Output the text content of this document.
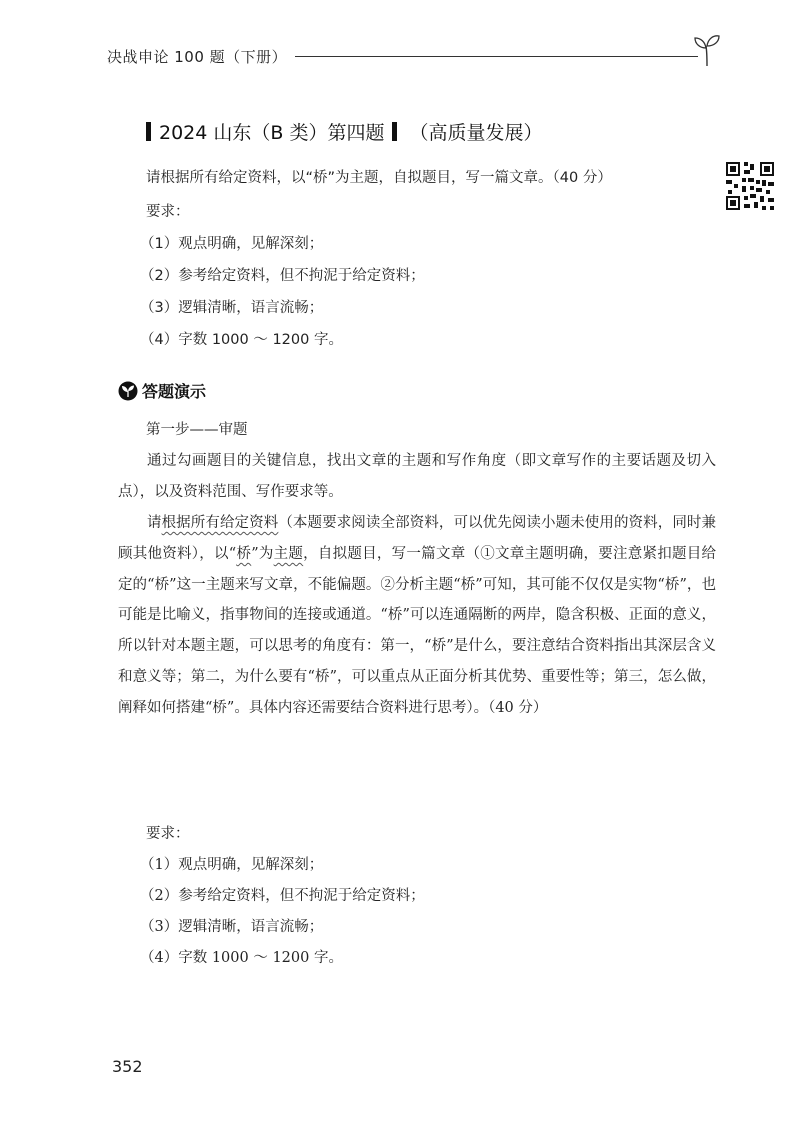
决战申论 100 题（下册）
2024 山东（B 类）第四题 （高质量发展）
请根据所有给定资料，以“桥”为主题，自拟题目，写一篇文章。（40 分）
要求：
（1）观点明确，见解深刻；
（2）参考给定资料，但不拘泥于给定资料；
（3）逻辑清晰，语言流畅；
（4）字数 1000 ～ 1200 字。
答题演示
第一步——审题
通过勾画题目的关键信息，找出文章的主题和写作角度（即文章写作的主要话题及切入点），以及资料范围、写作要求等。
请根据所有给定资料（本题要求阅读全部资料，可以优先阅读小题未使用的资料，同时兼顾其他资料），以“桥”为主题，自拟题目，写一篇文章（①文章主题明确，要注意紧扣题目给定的“桥”这一主题来写文章，不能偏题。②分析主题“桥”可知，其可能不仅仅是实物“桥”，也可能是比喻义，指事物间的连接或通道。“桥”可以连通隔断的两岸，隐含积极、正面的意义，所以针对本题主题，可以思考的角度有：第一，“桥”是什么，要注意结合资料指出其深层含义和意义等；第二，为什么要有“桥”，可以重点从正面分析其优势、重要性等；第三，怎么做，阐释如何搭建“桥”。具体内容还需要结合资料进行思考）。（40 分）
要求：
（1）观点明确，见解深刻；
（2）参考给定资料，但不拘泥于给定资料；
（3）逻辑清晰，语言流畅；
（4）字数 1000 ～ 1200 字。
352
